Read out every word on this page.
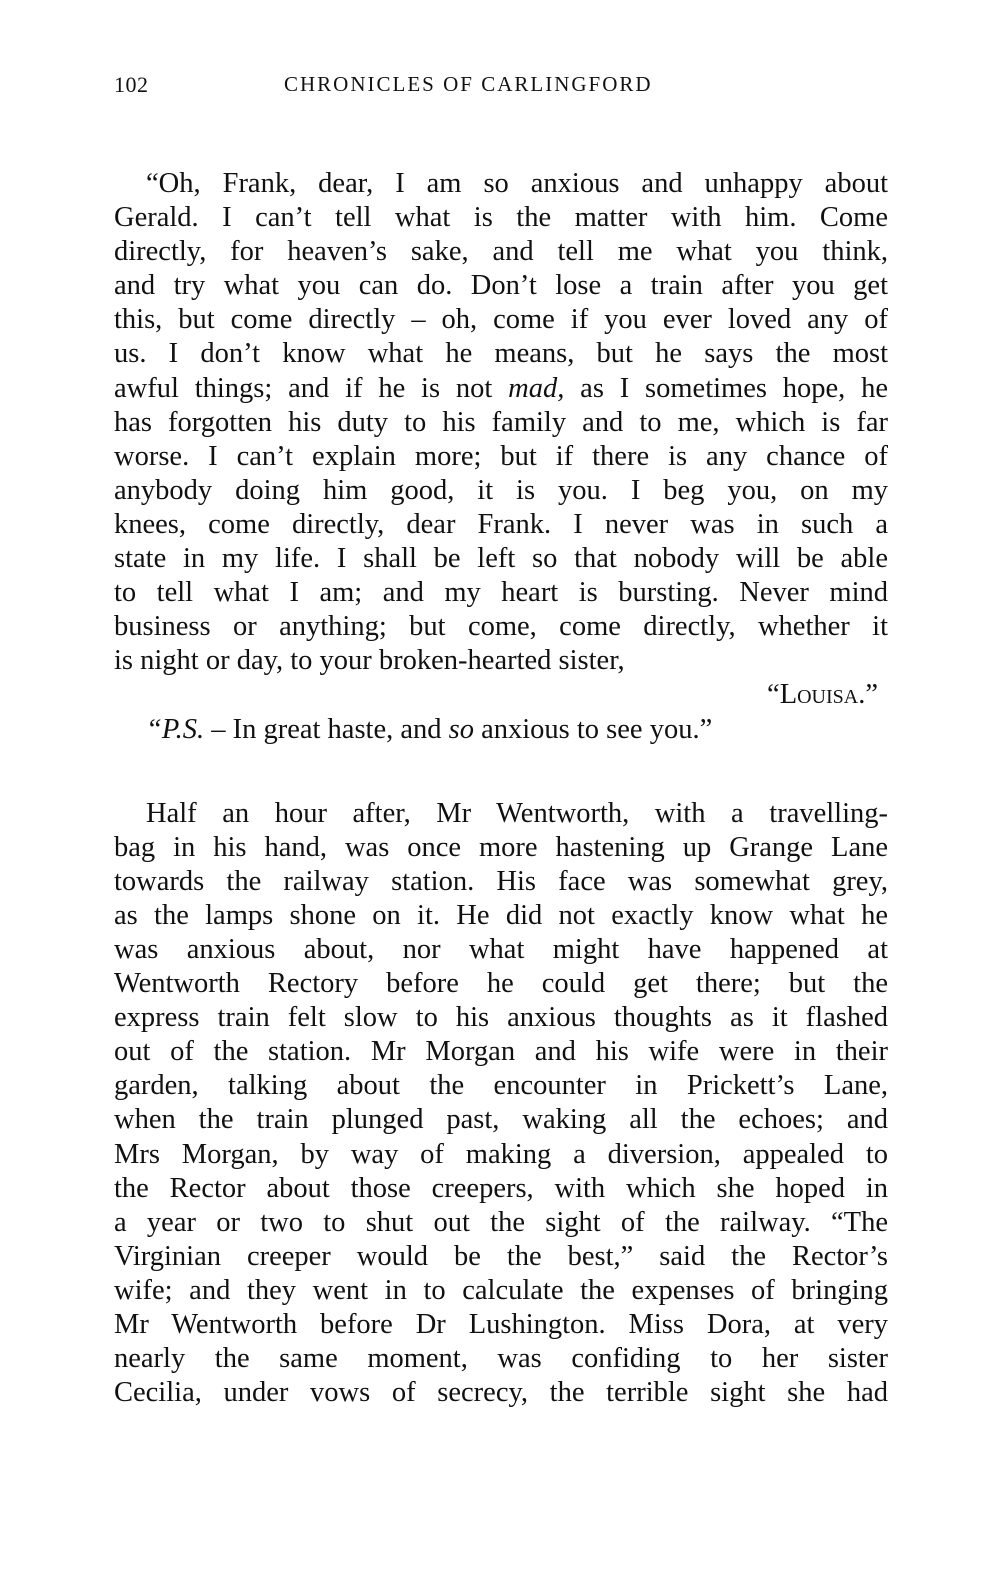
102	CHRONICLES OF CARLINGFORD
“Oh, Frank, dear, I am so anxious and unhappy about
Gerald. I can’t tell what is the matter with him. Come
directly, for heaven’s sake, and tell me what you think,
and try what you can do. Don’t lose a train after you get
this, but come directly – oh, come if you ever loved any of
us. I don’t know what he means, but he says the most
awful things; and if he is not mad, as I sometimes hope, he
has forgotten his duty to his family and to me, which is far
worse. I can’t explain more; but if there is any chance of
anybody doing him good, it is you. I beg you, on my
knees, come directly, dear Frank. I never was in such a
state in my life. I shall be left so that nobody will be able
to tell what I am; and my heart is bursting. Never mind
business or anything; but come, come directly, whether it
is night or day, to your broken-hearted sister,
“Louisa.”
“P.S. – In great haste, and so anxious to see you.”
Half an hour after, Mr Wentworth, with a travelling-
bag in his hand, was once more hastening up Grange Lane
towards the railway station. His face was somewhat grey,
as the lamps shone on it. He did not exactly know what he
was anxious about, nor what might have happened at
Wentworth Rectory before he could get there; but the
express train felt slow to his anxious thoughts as it flashed
out of the station. Mr Morgan and his wife were in their
garden, talking about the encounter in Prickett’s Lane,
when the train plunged past, waking all the echoes; and
Mrs Morgan, by way of making a diversion, appealed to
the Rector about those creepers, with which she hoped in
a year or two to shut out the sight of the railway. “The
Virginian creeper would be the best,” said the Rector’s
wife; and they went in to calculate the expenses of bringing
Mr Wentworth before Dr Lushington. Miss Dora, at very
nearly the same moment, was confiding to her sister
Cecilia, under vows of secrecy, the terrible sight she had
